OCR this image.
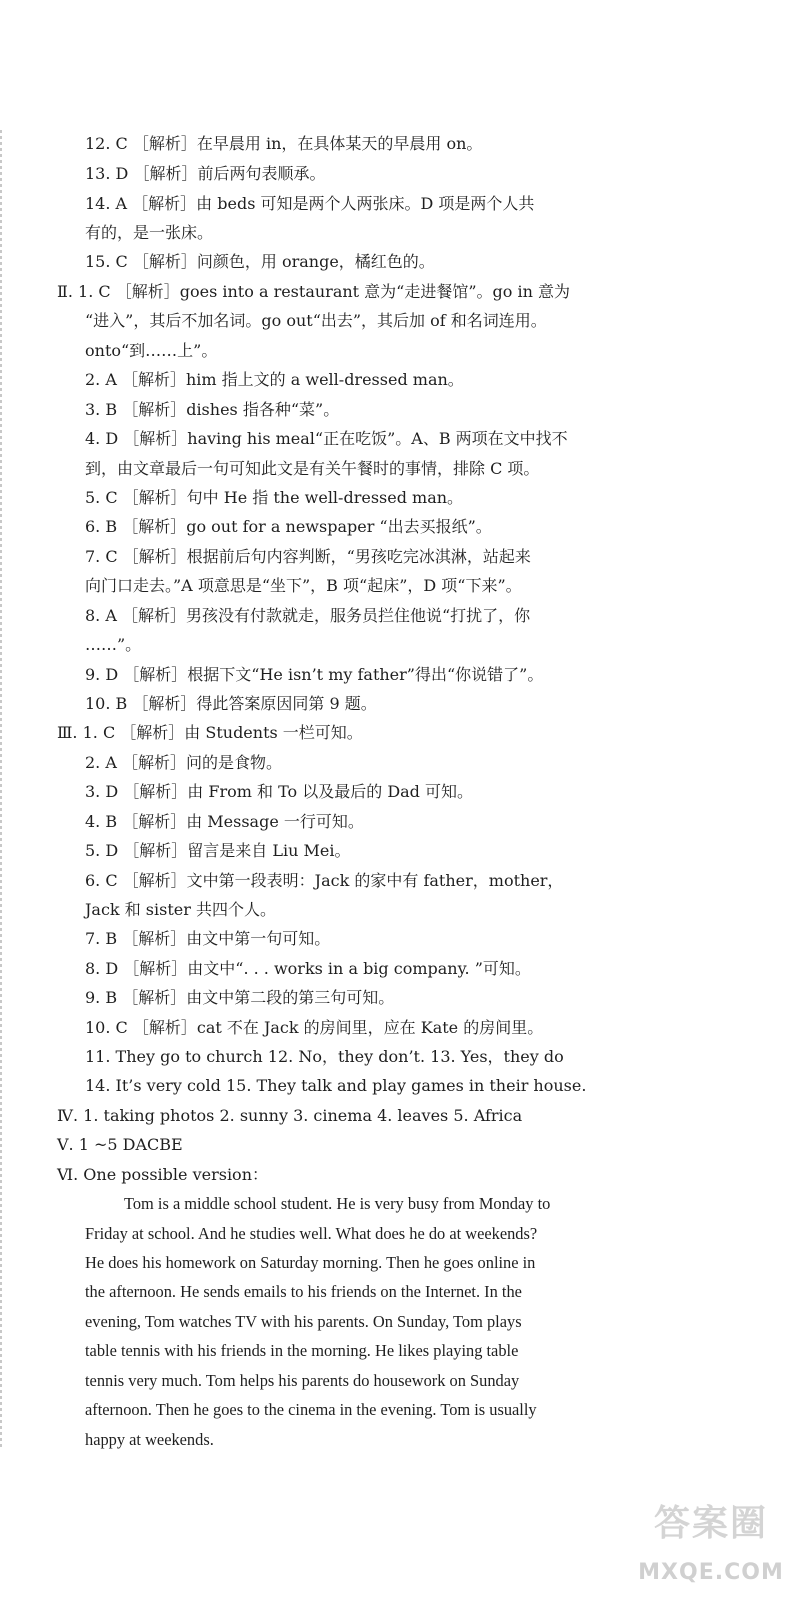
12. C ［解析］在早晨用 in，在具体某天的早晨用 on。
13. D ［解析］前后两句表顺承。
14. A ［解析］由 beds 可知是两个人两张床。D 项是两个人共
有的，是一张床。
15. C ［解析］问颜色，用 orange，橘红色的。
Ⅱ. 1. C ［解析］goes into a restaurant 意为“走进餐馆”。go in 意为
“进入”，其后不加名词。go out“出去”，其后加 of 和名词连用。
onto“到……上”。
2. A ［解析］him 指上文的 a well-dressed man。
3. B ［解析］dishes 指各种“菜”。
4. D ［解析］having his meal“正在吃饭”。A、B 两项在文中找不
到，由文章最后一句可知此文是有关午餐时的事情，排除 C 项。
5. C ［解析］句中 He 指 the well-dressed man。
6. B ［解析］go out for a newspaper “出去买报纸”。
7. C ［解析］根据前后句内容判断，“男孩吃完冰淇淋，站起来
向门口走去。”A 项意思是“坐下”，B 项“起床”，D 项“下来”。
8. A ［解析］男孩没有付款就走，服务员拦住他说“打扰了，你
……”。
9. D ［解析］根据下文“He isn’t my father”得出“你说错了”。
10. B ［解析］得此答案原因同第 9 题。
Ⅲ. 1. C ［解析］由 Students 一栏可知。
2. A ［解析］问的是食物。
3. D ［解析］由 From 和 To 以及最后的 Dad 可知。
4. B ［解析］由 Message 一行可知。
5. D ［解析］留言是来自 Liu Mei。
6. C ［解析］文中第一段表明：Jack 的家中有 father，mother，
Jack 和 sister 共四个人。
7. B ［解析］由文中第一句可知。
8. D ［解析］由文中“. . . works in a big company. ”可知。
9. B ［解析］由文中第二段的第三句可知。
10. C ［解析］cat 不在 Jack 的房间里，应在 Kate 的房间里。
11. They go to church 12. No，they don’t. 13. Yes，they do
14. It’s very cold 15. They talk and play games in their house.
Ⅳ. 1. taking photos 2. sunny 3. cinema 4. leaves 5. Africa
Ⅴ. 1 ~5 DACBE
Ⅵ. One possible version：
Tom is a middle school student. He is very busy from Monday to
Friday at school. And he studies well. What does he do at weekends?
He does his homework on Saturday morning. Then he goes online in
the afternoon. He sends emails to his friends on the Internet. In the
evening, Tom watches TV with his parents. On Sunday, Tom plays
table tennis with his friends in the morning. He likes playing table
tennis very much. Tom helps his parents do housework on Sunday
afternoon. Then he goes to the cinema in the evening. Tom is usually
happy at weekends.
答案圈
MXQE.COM
